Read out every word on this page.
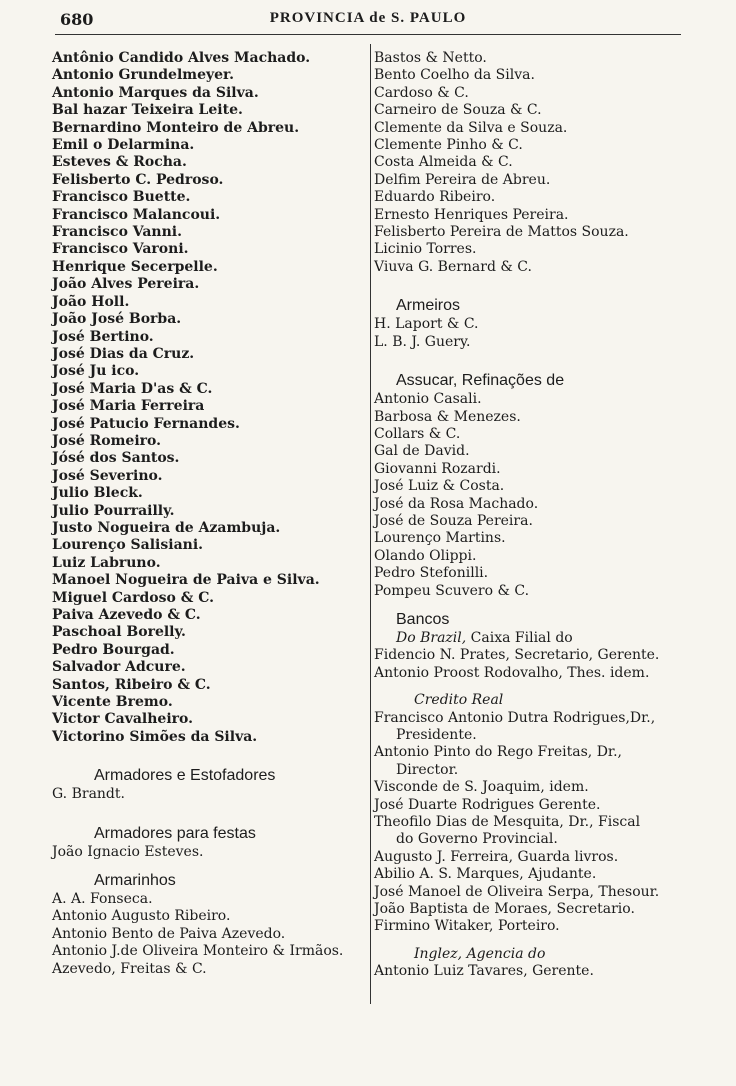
680	PROVINCIA de S. PAULO
Antônio Candido Alves Machado.
Antonio Grundelmeyer.
Antonio Marques da Silva.
Bal hazar Teixeira Leite.
Bernardino Monteiro de Abreu.
Emil o Delarmina.
Esteves & Rocha.
Felisberto C. Pedroso.
Francisco Buette.
Francisco Malancoui.
Francisco Vanni.
Francisco Varoni.
Henrique Secerpelle.
João Alves Pereira.
João Holl.
João José Borba.
José Bertino.
José Dias da Cruz.
José Ju ico.
José Maria D'as & C.
José Maria Ferreira
José Patucio Fernandes.
José Romeiro.
Jósé dos Santos.
José Severino.
Julio Bleck.
Julio Pourrailly.
Justo Nogueira de Azambuja.
Lourenço Salisiani.
Luiz Labruno.
Manoel Nogueira de Paiva e Silva.
Miguel Cardoso & C.
Paiva Azevedo & C.
Paschoal Borelly.
Pedro Bourgad.
Salvador Adcure.
Santos, Ribeiro & C.
Vicente Bremo.
Victor Cavalheiro.
Victorino Simões da Silva.
Armadores e Estofadores
G. Brandt.
Armadores para festas
João Ignacio Esteves.
Armarinhos
A. A. Fonseca.
Antonio Augusto Ribeiro.
Antonio Bento de Paiva Azevedo.
Antonio J.de Oliveira Monteiro & Irmãos.
Azevedo, Freitas & C.
Bastos & Netto.
Bento Coelho da Silva.
Cardoso & C.
Carneiro de Souza & C.
Clemente da Silva e Souza.
Clemente Pinho & C.
Costa Almeida & C.
Delfim Pereira de Abreu.
Eduardo Ribeiro.
Ernesto Henriques Pereira.
Felisberto Pereira de Mattos Souza.
Licinio Torres.
Viuva G. Bernard & C.
Armeiros
H. Laport & C.
L. B. J. Guery.
Assucar, Refinações de
Antonio Casali.
Barbosa & Menezes.
Collars & C.
Gal de David.
Giovanni Rozardi.
José Luiz & Costa.
José da Rosa Machado.
José de Souza Pereira.
Lourenço Martins.
Olando Olippi.
Pedro Stefonilli.
Pompeu Scuvero & C.
Bancos
Do Brazil, Caixa Filial do
Fidencio N. Prates, Secretario, Gerente.
Antonio Proost Rodovalho, Thes. idem.
Credito Real
Francisco Antonio Dutra Rodrigues,Dr.,
Presidente.
Antonio Pinto do Rego Freitas, Dr.,
Director.
Visconde de S. Joaquim, idem.
José Duarte Rodrigues Gerente.
Theofilo Dias de Mesquita, Dr., Fiscal
do Governo Provincial.
Augusto J. Ferreira, Guarda livros.
Abilio A. S. Marques, Ajudante.
José Manoel de Oliveira Serpa, Thesour.
João Baptista de Moraes, Secretario.
Firmino Witaker, Porteiro.
Inglez, Agencia do
Antonio Luiz Tavares, Gerente.
